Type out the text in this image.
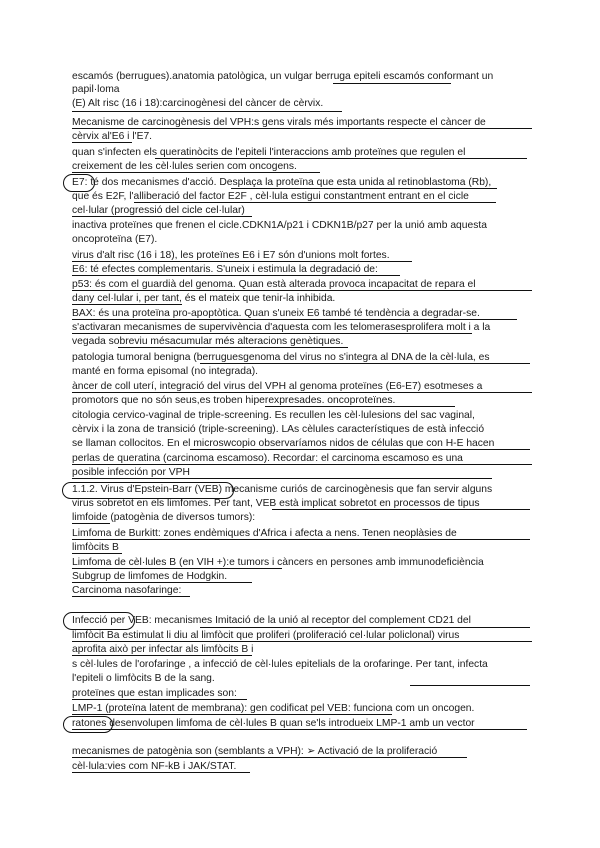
escamós (berrugues).anatomia patològica, un vulgar berruga epiteli escamós conformant un
papil·loma
(E) Alt risc (16 i 18):carcinogènesi del càncer de cèrvix.
Mecanisme de carcinogènesis del VPH:s gens virals més importants respecte el càncer de
cèrvix al'E6 i l'E7.
quan s'infecten els queratinòcits de l'epiteli l'interaccions amb proteïnes que regulen el
creixement de les cèl·lules serien com oncogens.
E7: té dos mecanismes d'acció. Desplaça la proteïna que esta unida al retinoblastoma (Rb),
que és E2F, l'alliberació del factor E2F , cèl·lula estigui constantment entrant en el cicle
cel·lular (progressió del cicle cel·lular)
inactiva proteïnes que frenen el cicle.CDKN1A/p21 i CDKN1B/p27 per la unió amb aquesta
oncoproteïna (E7).
virus d'alt risc (16 i 18), les proteïnes E6 i E7 són d'unions molt fortes.
E6: té efectes complementaris. S'uneix i estimula la degradació de:
p53: és com el guardià del genoma. Quan està alterada provoca incapacitat de repara el
dany cel·lular i, per tant, és el mateix que tenir-la inhibida.
BAX: és una proteïna pro-apoptòtica. Quan s'uneix E6 també té tendència a degradar-se.
s'activaran mecanismes de supervivència d'aquesta com les telomerasesprolifera molt i a la
vegada sobreviu mésacumular més alteracions genètiques.
patologia tumoral benigna (berruguesgenoma del virus no s'integra al DNA de la cèl·lula, es
manté en forma episomal (no integrada).
àncer de coll uterí, integració del virus del VPH al genoma proteïnes (E6-E7) esotmeses a
promotors que no són seus,es troben hiperexpresades. oncoproteïnes.
citologia cervico-vaginal de triple-screening. Es recullen les cèl·lulesions del sac vaginal,
cèrvix i la zona de transició (triple-screening). LAs cèlules característiques de està infecció
se llaman collocitos. En el microswcopio observaríamos nidos de células que con H-E hacen
perlas de queratina (carcinoma escamoso). Recordar: el carcinoma escamoso es una
posible infección por VPH
1.1.2. Virus d'Epstein-Barr (VEB) mecanisme curiós de carcinogènesis que fan servir alguns
virus sobretot en els limfomes. Per tant, VEB està implicat sobretot en processos de tipus
limfoide (patogènia de diversos tumors):
Limfoma de Burkitt: zones endèmiques d'Àfrica i afecta a nens. Tenen neoplàsies de
limfòcits B
Limfoma de cèl·lules B (en VIH +):e tumors i càncers en persones amb immunodeficiència
Subgrup de limfomes de Hodgkin.
Carcinoma nasofaringe:
Infecció per VEB: mecanismes Imitació de la unió al receptor del complement CD21 del
limfòcit Ba estimulat li diu al limfòcit que proliferi (proliferació cel·lular policlonal) virus
aprofita això per infectar als limfòcits B i
s cèl·lules de l'orofaringe , a infecció de cèl·lules epitelials de la orofaringe. Per tant, infecta
l'epiteli o limfòcits B de la sang.
proteïnes que estan implicades son:
LMP-1 (proteïna latent de membrana): gen codificat pel VEB: funciona com un oncogen.
ratones desenvolupen limfoma de cèl·lules B quan se'ls introdueix LMP-1 amb un vector
mecanismes de patogènia son (semblants a VPH): ➢ Activació de la proliferació
cèl·lula:vies com NF-kB i JAK/STAT.
